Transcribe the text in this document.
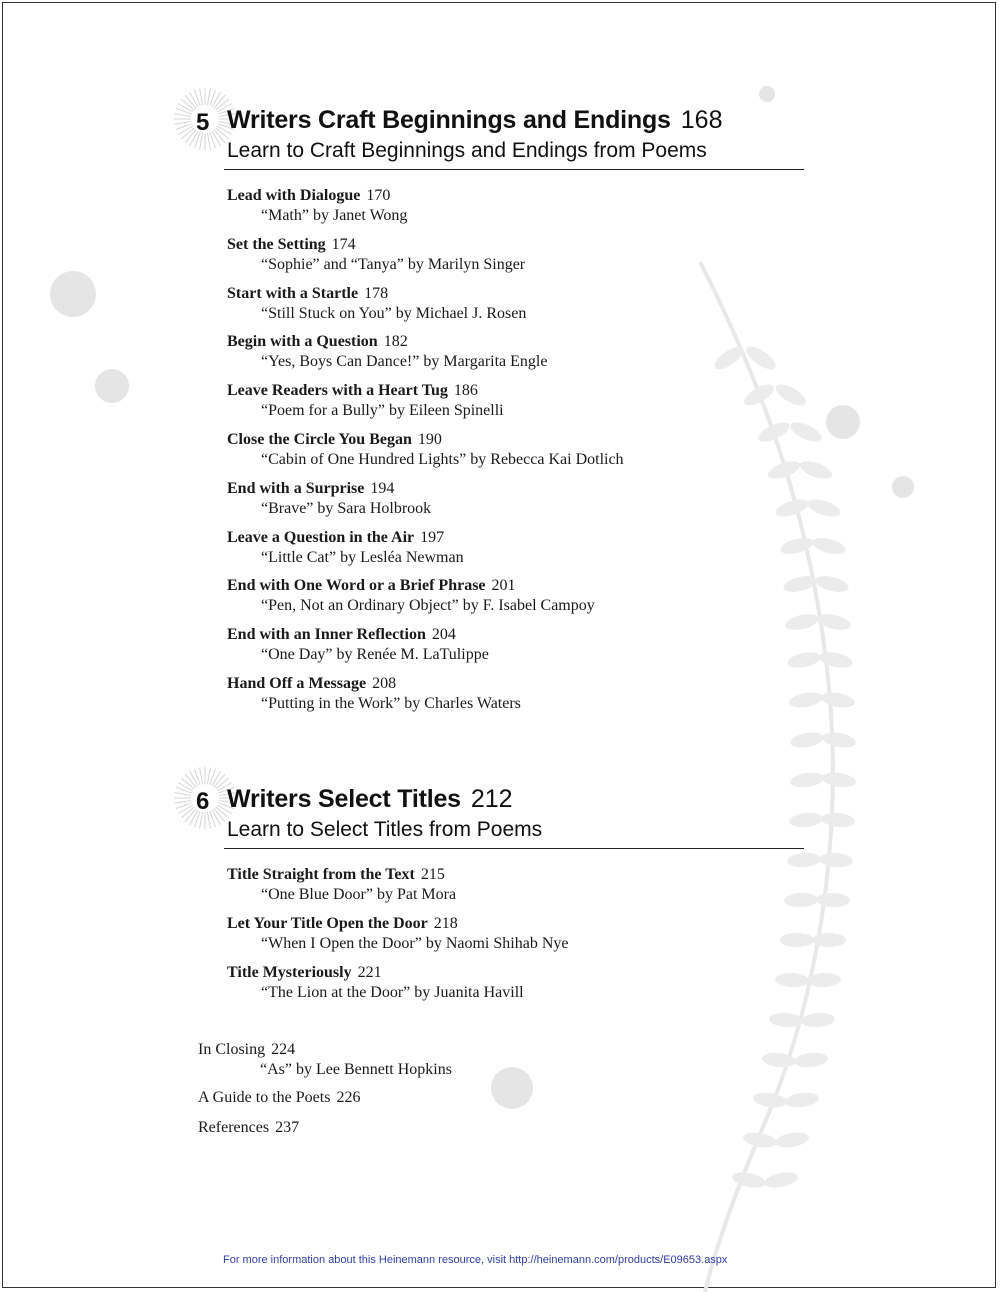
5 Writers Craft Beginnings and Endings 168
Learn to Craft Beginnings and Endings from Poems
Lead with Dialogue 170
“Math” by Janet Wong
Set the Setting 174
“Sophie” and “Tanya” by Marilyn Singer
Start with a Startle 178
“Still Stuck on You” by Michael J. Rosen
Begin with a Question 182
“Yes, Boys Can Dance!” by Margarita Engle
Leave Readers with a Heart Tug 186
“Poem for a Bully” by Eileen Spinelli
Close the Circle You Began 190
“Cabin of One Hundred Lights” by Rebecca Kai Dotlich
End with a Surprise 194
“Brave” by Sara Holbrook
Leave a Question in the Air 197
“Little Cat” by Lesléa Newman
End with One Word or a Brief Phrase 201
“Pen, Not an Ordinary Object” by F. Isabel Campoy
End with an Inner Reflection 204
“One Day” by Renée M. LaTulippe
Hand Off a Message 208
“Putting in the Work” by Charles Waters
6 Writers Select Titles 212
Learn to Select Titles from Poems
Title Straight from the Text 215
“One Blue Door” by Pat Mora
Let Your Title Open the Door 218
“When I Open the Door” by Naomi Shihab Nye
Title Mysteriously 221
“The Lion at the Door” by Juanita Havill
In Closing 224
“As” by Lee Bennett Hopkins
A Guide to the Poets 226
References 237
For more information about this Heinemann resource, visit http://heinemann.com/products/E09653.aspx
